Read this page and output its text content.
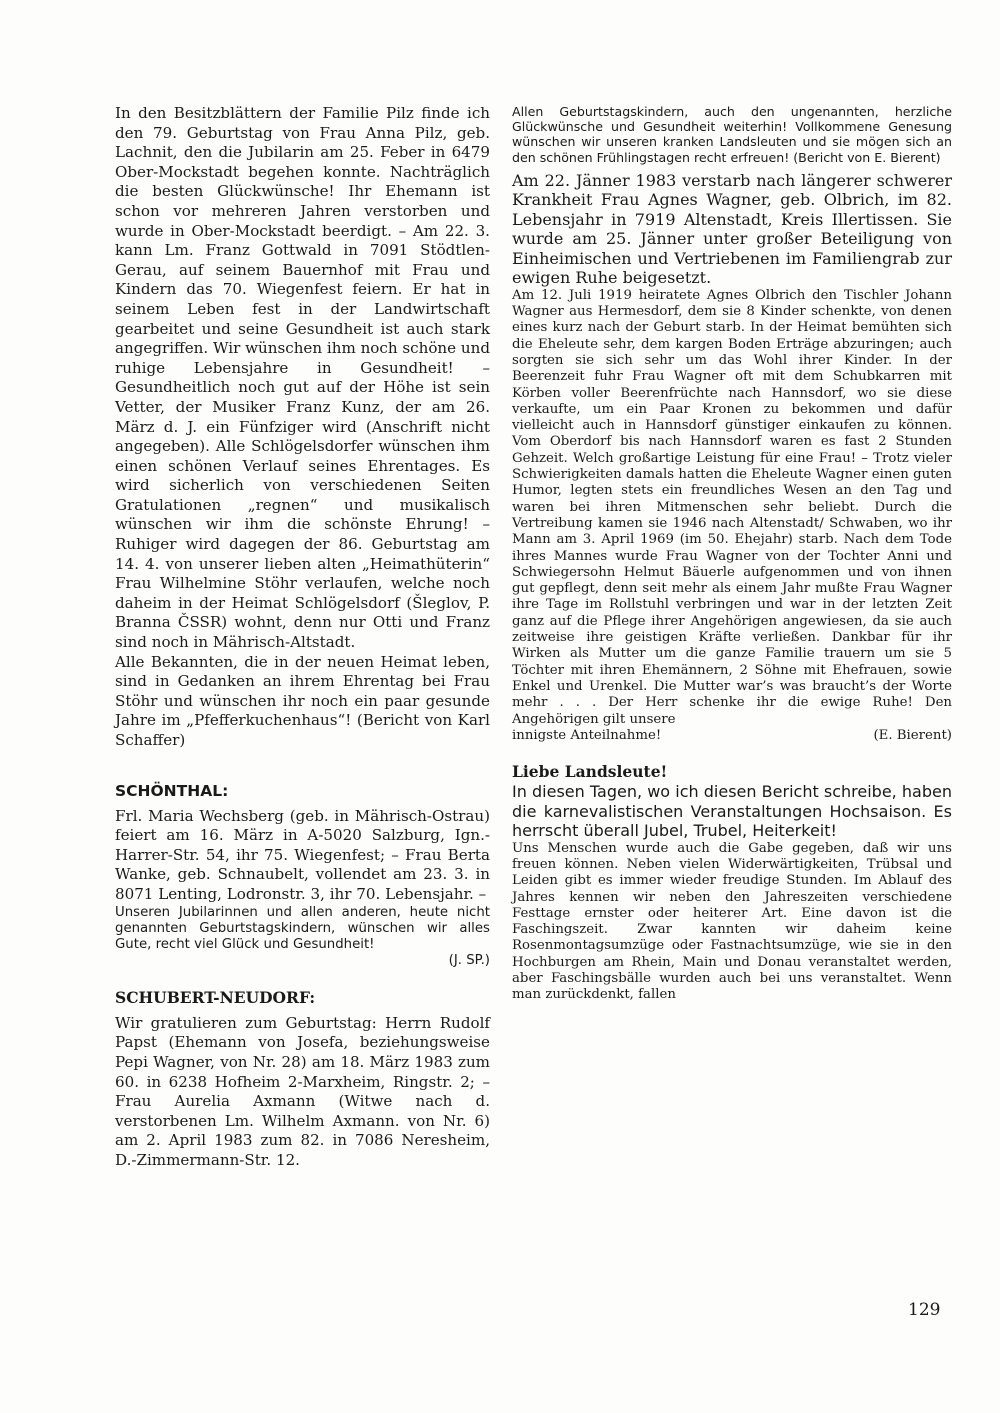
In den Besitzblättern der Familie Pilz finde ich den 79. Geburtstag von Frau Anna Pilz, geb. Lachnit, den die Jubilarin am 25. Feber in 6479 Ober-Mockstadt begehen konnte. Nachträglich die besten Glückwünsche! Ihr Ehemann ist schon vor mehreren Jahren verstorben und wurde in Ober-Mockstadt beerdigt. – Am 22. 3. kann Lm. Franz Gottwald in 7091 Stödtlen-Gerau, auf seinem Bauernhof mit Frau und Kindern das 70. Wiegenfest feiern. Er hat in seinem Leben fest in der Landwirtschaft gearbeitet und seine Gesundheit ist auch stark angegriffen. Wir wünschen ihm noch schöne und ruhige Lebensjahre in Gesundheit! – Gesundheitlich noch gut auf der Höhe ist sein Vetter, der Musiker Franz Kunz, der am 26. März d. J. ein Fünfziger wird (Anschrift nicht angegeben). Alle Schlögelsdorfer wünschen ihm einen schönen Verlauf seines Ehrentages. Es wird sicherlich von verschiedenen Seiten Gratulationen „regnen“ und musikalisch wünschen wir ihm die schönste Ehrung! – Ruhiger wird dagegen der 86. Geburtstag am 14. 4. von unserer lieben alten „Heimathüterin“ Frau Wilhelmine Stöhr verlaufen, welche noch daheim in der Heimat Schlögelsdorf (Šleglov, P. Branna ČSSR) wohnt, denn nur Otti und Franz sind noch in Mährisch-Altstadt.

Alle Bekannten, die in der neuen Heimat leben, sind in Gedanken an ihrem Ehrentag bei Frau Stöhr und wünschen ihr noch ein paar gesunde Jahre im „Pfefferkuchenhaus“! (Bericht von Karl Schaffer)

SCHÖNTHAL:

Frl. Maria Wechsberg (geb. in Mährisch-Ostrau) feiert am 16. März in A-5020 Salzburg, Ign.-Harrer-Str. 54, ihr 75. Wiegenfest; – Frau Berta Wanke, geb. Schnaubelt, vollendet am 23. 3. in 8071 Lenting, Lodronstr. 3, ihr 70. Lebensjahr. –

Unseren Jubilarinnen und allen anderen, heute nicht genannten Geburtstagskindern, wünschen wir alles Gute, recht viel Glück und Gesundheit!

(J. SP.)

SCHUBERT-NEUDORF:

Wir gratulieren zum Geburtstag: Herrn Rudolf Papst (Ehemann von Josefa, beziehungsweise Pepi Wagner, von Nr. 28) am 18. März 1983 zum 60. in 6238 Hofheim 2-Marxheim, Ringstr. 2; – Frau Aurelia Axmann (Witwe nach d. verstorbenen Lm. Wilhelm Axmann. von Nr. 6) am 2. April 1983 zum 82. in 7086 Neresheim, D.-Zimmermann-Str. 12.

Allen Geburtstagskindern, auch den ungenannten, herzliche Glückwünsche und Gesundheit weiterhin! Vollkommene Genesung wünschen wir unseren kranken Landsleuten und sie mögen sich an den schönen Frühlingstagen recht erfreuen! (Bericht von E. Bierent)

Am 22. Jänner 1983 verstarb nach längerer schwerer Krankheit Frau Agnes Wagner, geb. Olbrich, im 82. Lebensjahr in 7919 Altenstadt, Kreis Illertissen. Sie wurde am 25. Jänner unter großer Beteiligung von Einheimischen und Vertriebenen im Familiengrab zur ewigen Ruhe beigesetzt.

Am 12. Juli 1919 heiratete Agnes Olbrich den Tischler Johann Wagner aus Hermesdorf, dem sie 8 Kinder schenkte, von denen eines kurz nach der Geburt starb. In der Heimat bemühten sich die Eheleute sehr, dem kargen Boden Erträge abzuringen; auch sorgten sie sich sehr um das Wohl ihrer Kinder. In der Beerenzeit fuhr Frau Wagner oft mit dem Schubkarren mit Körben voller Beerenfrüchte nach Hannsdorf, wo sie diese verkaufte, um ein Paar Kronen zu bekommen und dafür vielleicht auch in Hannsdorf günstiger einkaufen zu können. Vom Oberdorf bis nach Hannsdorf waren es fast 2 Stunden Gehzeit. Welch großartige Leistung für eine Frau! – Trotz vieler Schwierigkeiten damals hatten die Eheleute Wagner einen guten Humor, legten stets ein freundliches Wesen an den Tag und waren bei ihren Mitmenschen sehr beliebt. Durch die Vertreibung kamen sie 1946 nach Altenstadt/ Schwaben, wo ihr Mann am 3. April 1969 (im 50. Ehejahr) starb. Nach dem Tode ihres Mannes wurde Frau Wagner von der Tochter Anni und Schwiegersohn Helmut Bäuerle aufgenommen und von ihnen gut gepflegt, denn seit mehr als einem Jahr mußte Frau Wagner ihre Tage im Rollstuhl verbringen und war in der letzten Zeit ganz auf die Pflege ihrer Angehörigen angewiesen, da sie auch zeitweise ihre geistigen Kräfte verließen. Dankbar für ihr Wirken als Mutter um die ganze Familie trauern um sie 5 Töchter mit ihren Ehemännern, 2 Söhne mit Ehefrauen, sowie Enkel und Urenkel. Die Mutter war’s was braucht’s der Worte mehr . . . Der Herr schenke ihr die ewige Ruhe! Den Angehörigen gilt unsere

innigste Anteilnahme!	(E. Bierent)
Liebe Landsleute!

In diesen Tagen, wo ich diesen Bericht schreibe, haben die karnevalistischen Veranstaltungen Hochsaison. Es herrscht überall Jubel, Trubel, Heiterkeit!

Uns Menschen wurde auch die Gabe gegeben, daß wir uns freuen können. Neben vielen Widerwärtigkeiten, Trübsal und Leiden gibt es immer wieder freudige Stunden. Im Ablauf des Jahres kennen wir neben den Jahreszeiten verschiedene Festtage ernster oder heiterer Art. Eine davon ist die Faschingszeit. Zwar kannten wir daheim keine Rosenmontagsumzüge oder Fastnachtsumzüge, wie sie in den Hochburgen am Rhein, Main und Donau veranstaltet werden, aber Faschingsbälle wurden auch bei uns veranstaltet. Wenn man zurückdenkt, fallen

129
